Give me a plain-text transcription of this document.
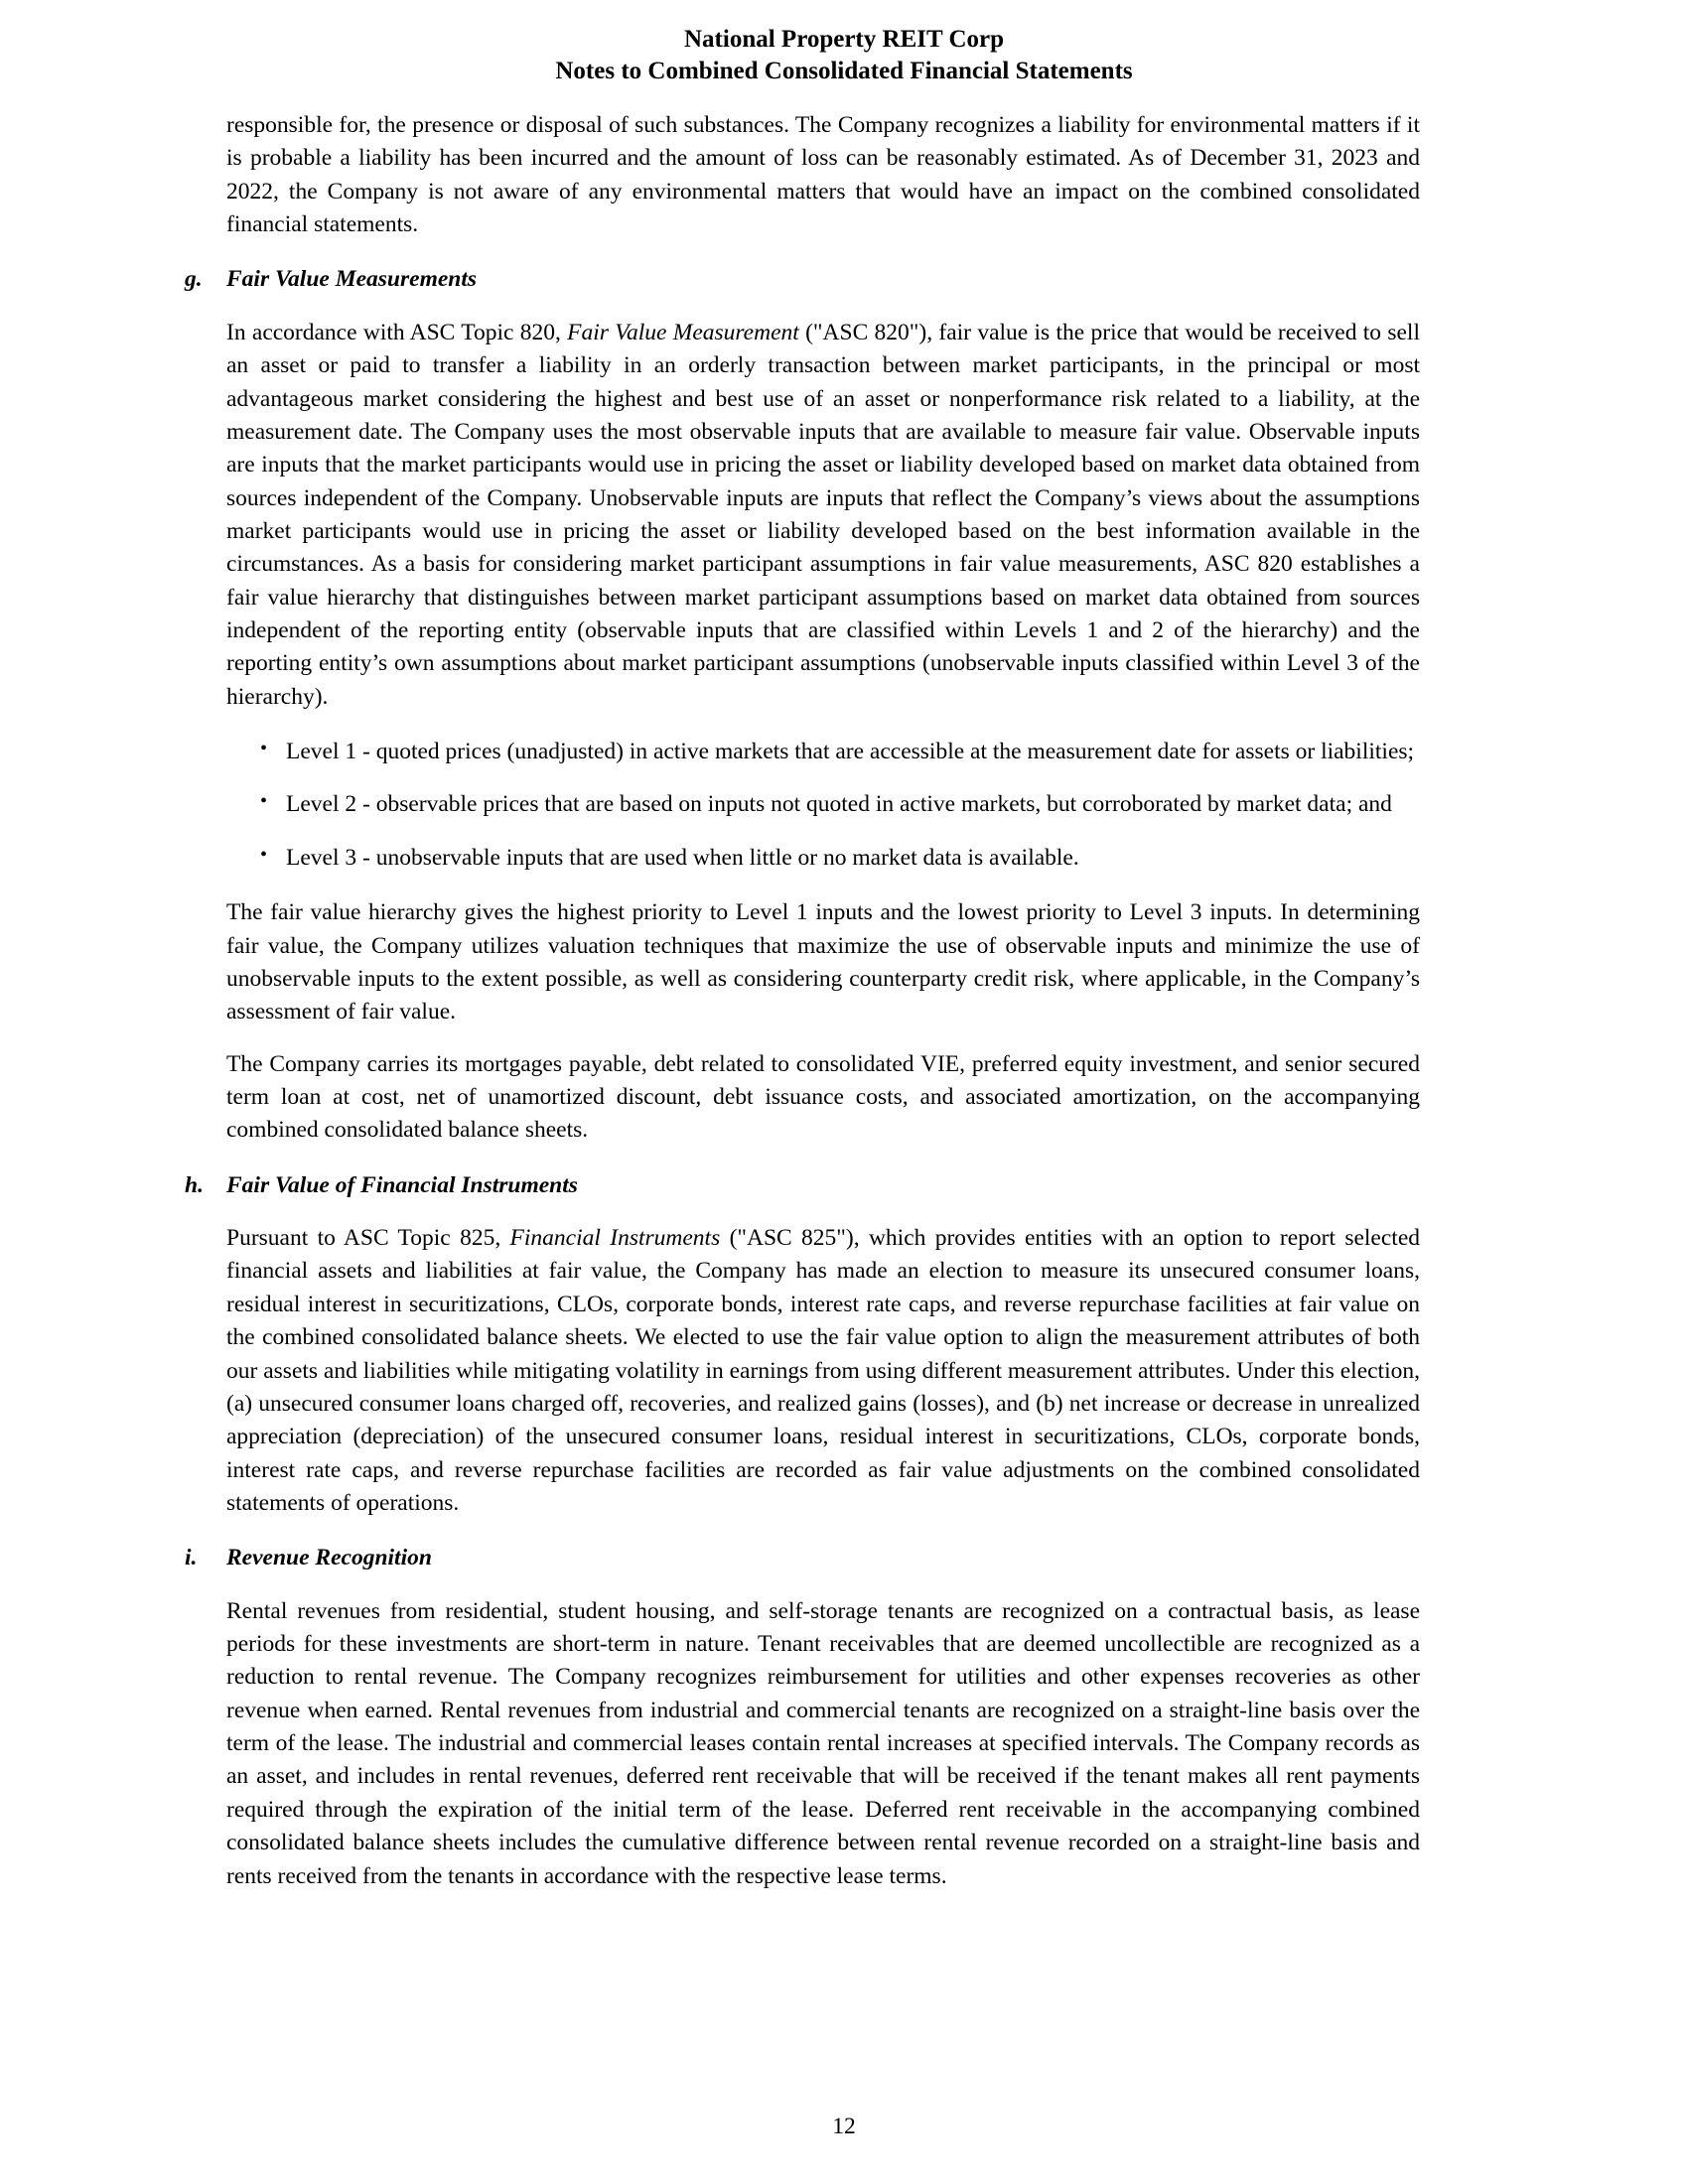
National Property REIT Corp
Notes to Combined Consolidated Financial Statements

responsible for, the presence or disposal of such substances. The Company recognizes a liability for environmental matters if it is probable a liability has been incurred and the amount of loss can be reasonably estimated. As of December 31, 2023 and 2022, the Company is not aware of any environmental matters that would have an impact on the combined consolidated financial statements.

g.	Fair Value Measurements

In accordance with ASC Topic 820, Fair Value Measurement ("ASC 820"), fair value is the price that would be received to sell an asset or paid to transfer a liability in an orderly transaction between market participants, in the principal or most advantageous market considering the highest and best use of an asset or nonperformance risk related to a liability, at the measurement date. The Company uses the most observable inputs that are available to measure fair value. Observable inputs are inputs that the market participants would use in pricing the asset or liability developed based on market data obtained from sources independent of the Company. Unobservable inputs are inputs that reflect the Company’s views about the assumptions market participants would use in pricing the asset or liability developed based on the best information available in the circumstances. As a basis for considering market participant assumptions in fair value measurements, ASC 820 establishes a fair value hierarchy that distinguishes between market participant assumptions based on market data obtained from sources independent of the reporting entity (observable inputs that are classified within Levels 1 and 2 of the hierarchy) and the reporting entity’s own assumptions about market participant assumptions (unobservable inputs classified within Level 3 of the hierarchy).

• Level 1 - quoted prices (unadjusted) in active markets that are accessible at the measurement date for assets or liabilities;
• Level 2 - observable prices that are based on inputs not quoted in active markets, but corroborated by market data; and
• Level 3 - unobservable inputs that are used when little or no market data is available.

The fair value hierarchy gives the highest priority to Level 1 inputs and the lowest priority to Level 3 inputs. In determining fair value, the Company utilizes valuation techniques that maximize the use of observable inputs and minimize the use of unobservable inputs to the extent possible, as well as considering counterparty credit risk, where applicable, in the Company’s assessment of fair value.

The Company carries its mortgages payable, debt related to consolidated VIE, preferred equity investment, and senior secured term loan at cost, net of unamortized discount, debt issuance costs, and associated amortization, on the accompanying combined consolidated balance sheets.

h. Fair Value of Financial Instruments

Pursuant to ASC Topic 825, Financial Instruments ("ASC 825"), which provides entities with an option to report selected financial assets and liabilities at fair value, the Company has made an election to measure its unsecured consumer loans, residual interest in securitizations, CLOs, corporate bonds, interest rate caps, and reverse repurchase facilities at fair value on the combined consolidated balance sheets. We elected to use the fair value option to align the measurement attributes of both our assets and liabilities while mitigating volatility in earnings from using different measurement attributes. Under this election, (a) unsecured consumer loans charged off, recoveries, and realized gains (losses), and (b) net increase or decrease in unrealized appreciation (depreciation) of the unsecured consumer loans, residual interest in securitizations, CLOs, corporate bonds, interest rate caps, and reverse repurchase facilities are recorded as fair value adjustments on the combined consolidated statements of operations.

i.	Revenue Recognition

Rental revenues from residential, student housing, and self-storage tenants are recognized on a contractual basis, as lease periods for these investments are short-term in nature. Tenant receivables that are deemed uncollectible are recognized as a reduction to rental revenue. The Company recognizes reimbursement for utilities and other expenses recoveries as other revenue when earned. Rental revenues from industrial and commercial tenants are recognized on a straight-line basis over the term of the lease. The industrial and commercial leases contain rental increases at specified intervals. The Company records as an asset, and includes in rental revenues, deferred rent receivable that will be received if the tenant makes all rent payments required through the expiration of the initial term of the lease. Deferred rent receivable in the accompanying combined consolidated balance sheets includes the cumulative difference between rental revenue recorded on a straight-line basis and rents received from the tenants in accordance with the respective lease terms.

12
